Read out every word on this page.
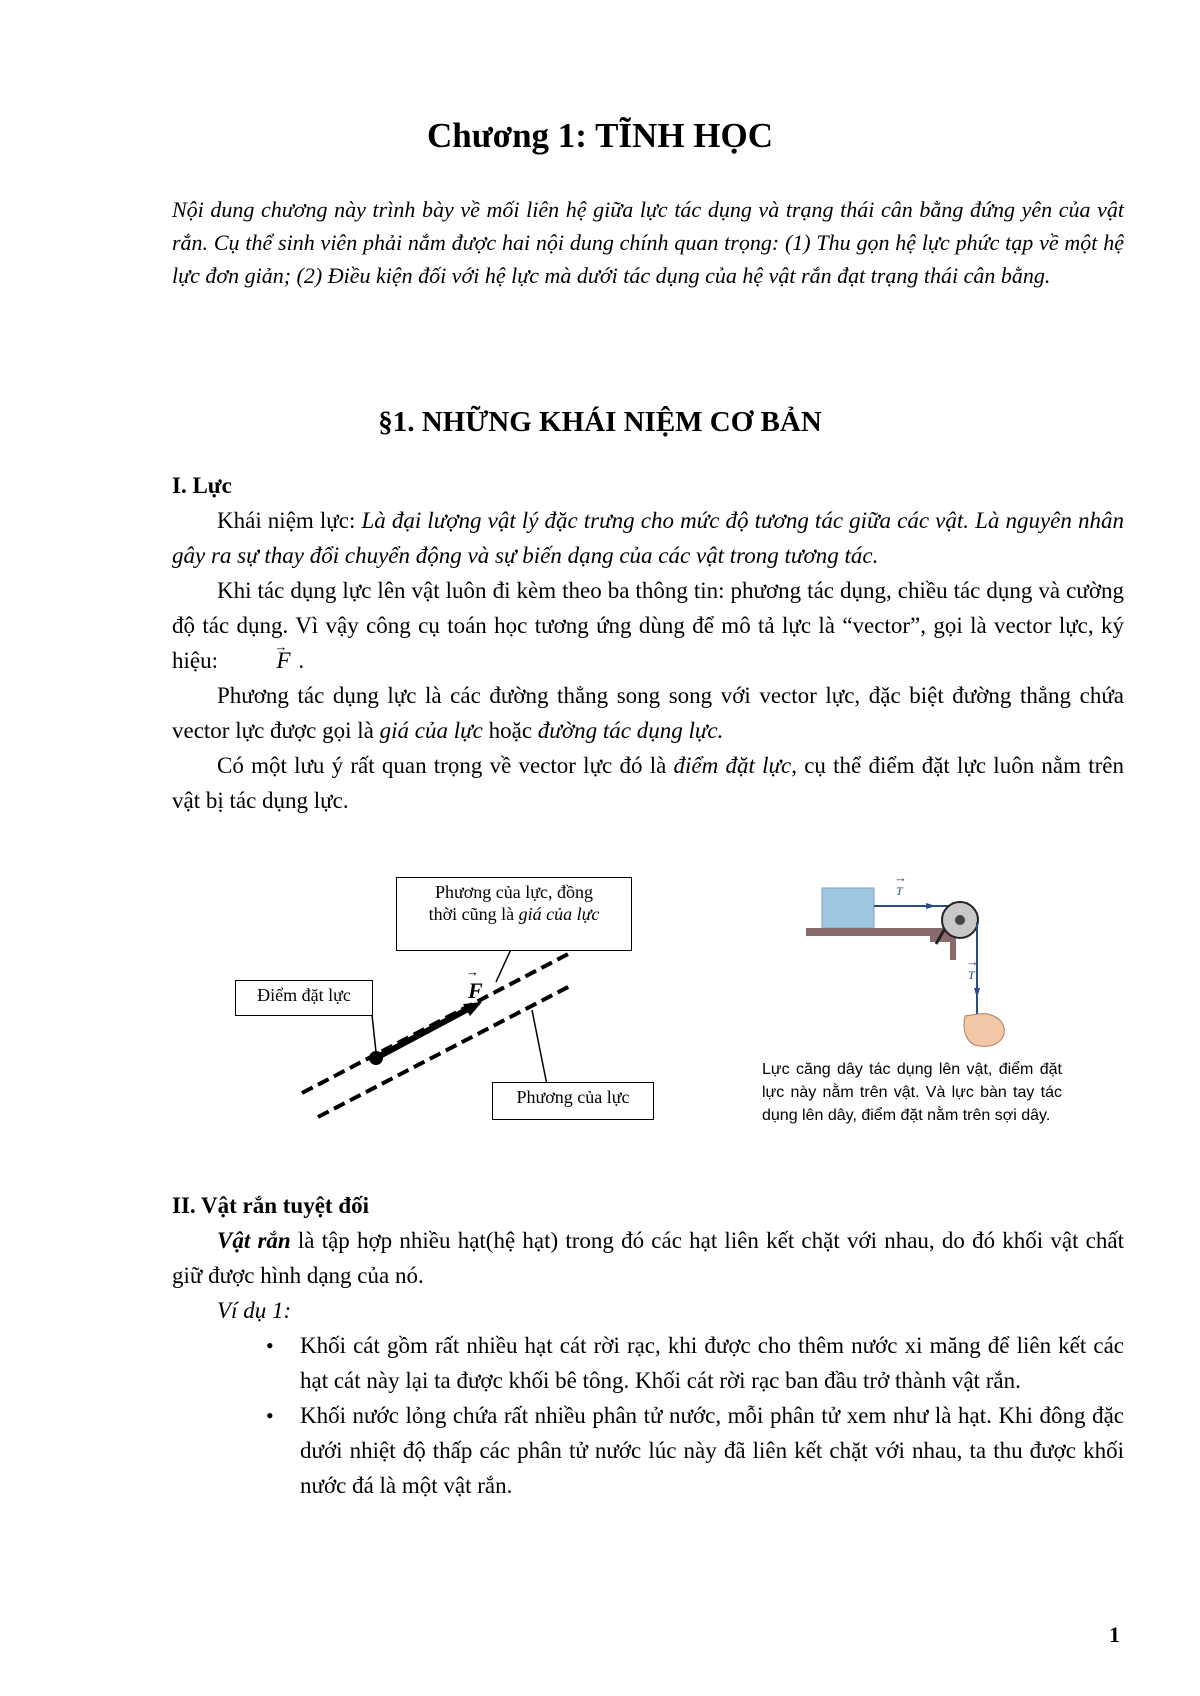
Chương 1: TĨNH HỌC

Nội dung chương này trình bày về mối liên hệ giữa lực tác dụng và trạng thái cân bằng đứng yên của vật rắn. Cụ thể sinh viên phải nắm được hai nội dung chính quan trọng: (1) Thu gọn hệ lực phức tạp về một hệ lực đơn giản; (2) Điều kiện đối với hệ lực mà dưới tác dụng của hệ vật rắn đạt trạng thái cân bằng.

§1. NHỮNG KHÁI NIỆM CƠ BẢN

I. Lực

Khái niệm lực: Là đại lượng vật lý đặc trưng cho mức độ tương tác giữa các vật. Là nguyên nhân gây ra sự thay đổi chuyển động và sự biến dạng của các vật trong tương tác.

Khi tác dụng lực lên vật luôn đi kèm theo ba thông tin: phương tác dụng, chiều tác dụng và cường độ tác dụng. Vì vậy công cụ toán học tương ứng dùng để mô tả lực là “vector”, gọi là vector lực, ký hiệu:	→ F .

Phương tác dụng lực là các đường thẳng song song với vector lực, đặc biệt đường thẳng chứa vector lực được gọi là giá của lực hoặc đường tác dụng lực.

Có một lưu ý rất quan trọng về vector lực đó là điểm đặt lực, cụ thể điểm đặt lực luôn nằm trên vật bị tác dụng lực.

Phương của lực, đồng
thời cũng là giá của lực
Điểm đặt lực	→ F
Phương của lực
→ T
→ T
Lực căng dây tác dụng lên vật, điểm đặt lực này nằm trên vật. Và lực bàn tay tác dụng lên dây, điểm đặt nằm trên sợi dây.

II. Vật rắn tuyệt đối

Vật rắn là tập hợp nhiều hạt(hệ hạt) trong đó các hạt liên kết chặt với nhau, do đó khối vật chất giữ được hình dạng của nó.

Ví dụ 1:

• Khối cát gồm rất nhiều hạt cát rời rạc, khi được cho thêm nước xi măng để liên kết các hạt cát này lại ta được khối bê tông. Khối cát rời rạc ban đầu trở thành vật rắn.
• Khối nước lỏng chứa rất nhiều phân tử nước, mỗi phân tử xem như là hạt. Khi đông đặc dưới nhiệt độ thấp các phân tử nước lúc này đã liên kết chặt với nhau, ta thu được khối nước đá là một vật rắn.
1
